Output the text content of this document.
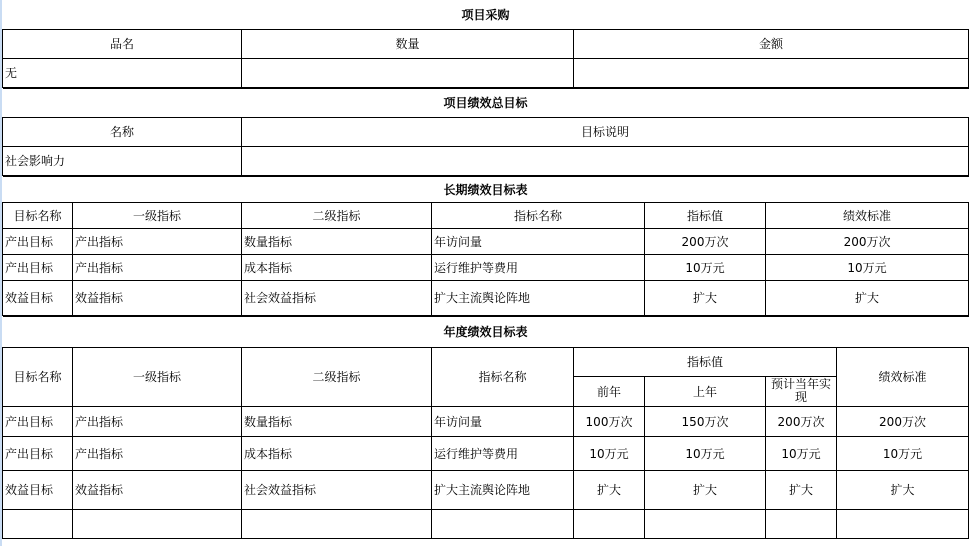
项目采购		
品名	数量	金额
无		
项目绩效总目标	
名称	目标说明
社会影响力	
长期绩效目标表					
目标名称	一级指标	二级指标	指标名称	指标值	绩效标准
产出目标	产出指标	数量指标	年访问量	200万次	200万次
产出目标	产出指标	成本指标	运行维护等费用	10万元	10万元
效益目标	效益指标	社会效益指标	扩大主流舆论阵地	扩大	扩大
年度绩效目标表							
目标名称	一级指标	二级指标	指标名称	指标值			绩效标准
				前年	上年	预计当年实现	
产出目标	产出指标	数量指标	年访问量	100万次	150万次	200万次	200万次
产出目标	产出指标	成本指标	运行维护等费用	10万元	10万元	10万元	10万元
效益目标	效益指标	社会效益指标	扩大主流舆论阵地	扩大	扩大	扩大	扩大
